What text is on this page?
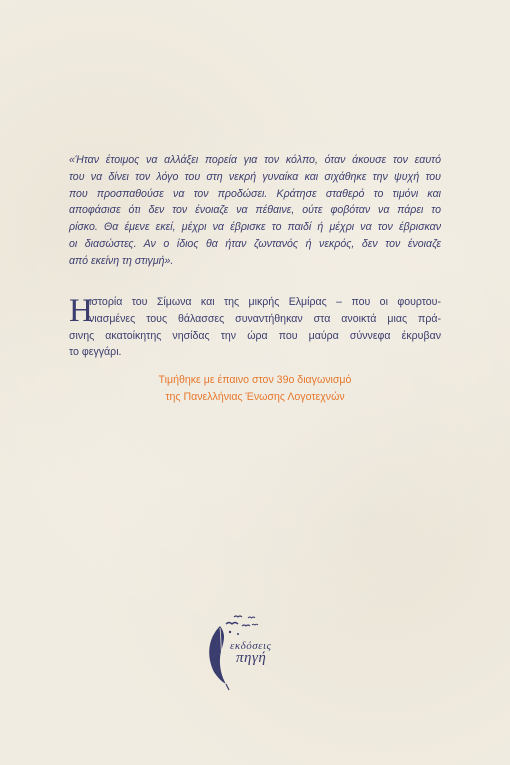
«Ήταν έτοιμος να αλλάξει πορεία για τον κόλπο, όταν άκουσε τον εαυτό
του να δίνει τον λόγο του στη νεκρή γυναίκα και σιχάθηκε την ψυχή του
που προσπαθούσε να τον προδώσει. Κράτησε σταθερό το τιμόνι και
αποφάσισε ότι δεν τον ένοιαζε να πέθαινε, ούτε φοβόταν να πάρει το
ρίσκο. Θα έμενε εκεί, μέχρι να έβρισκε το παιδί ή μέχρι να τον έβρισκαν
οι διασώστες. Αν ο ίδιος θα ήταν ζωντανός ή νεκρός, δεν τον ένοιαζε
από εκείνη τη στιγμή».
Η
ιστορία του Σίμωνα και της μικρής Ελμίρας – που οι φουρτου-
νιασμένες τους θάλασσες συναντήθηκαν στα ανοικτά μιας πρά-
σινης ακατοίκητης νησίδας την ώρα που μαύρα σύννεφα έκρυβαν
το φεγγάρι.
Τιμήθηκε με έπαινο στον 39ο διαγωνισμό
της Πανελλήνιας Ένωσης Λογοτεχνών
εκδόσεις
πηγή
